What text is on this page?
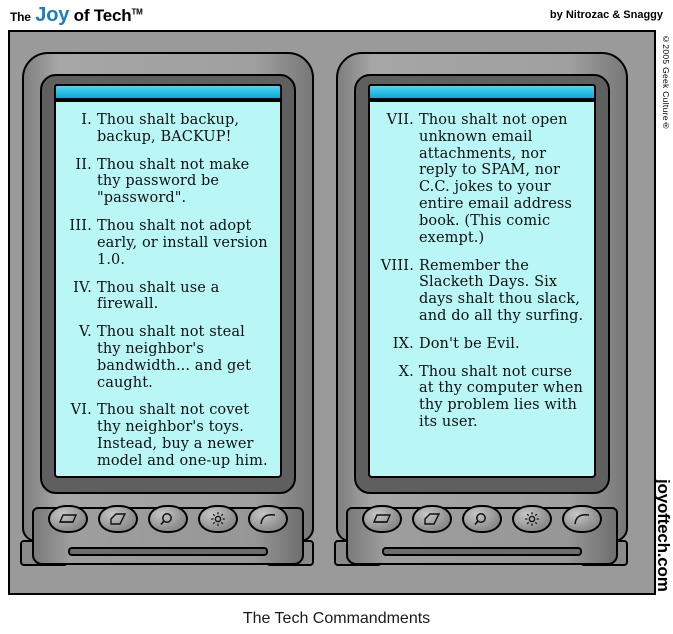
The Joy of Tech™	by Nitrozac & Snaggy
I. Thou shalt backup, backup, BACKUP!
II. Thou shalt not make thy password be "password".
III. Thou shalt not adopt early, or install version 1.0.
IV. Thou shalt use a firewall.
V. Thou shalt not steal thy neighbor's bandwidth... and get caught.
VI. Thou shalt not covet thy neighbor's toys. Instead, buy a newer model and one-up him.
VII. Thou shalt not open unknown email attachments, nor reply to SPAM, nor C.C. jokes to your entire email address book. (This comic exempt.)
VIII. Remember the Slacketh Days. Six days shalt thou slack, and do all thy surfing.
IX. Don't be Evil.
X. Thou shalt not curse at thy computer when thy problem lies with its user.
©2005 Geek Culture®
joyoftech.com
The Tech Commandments
